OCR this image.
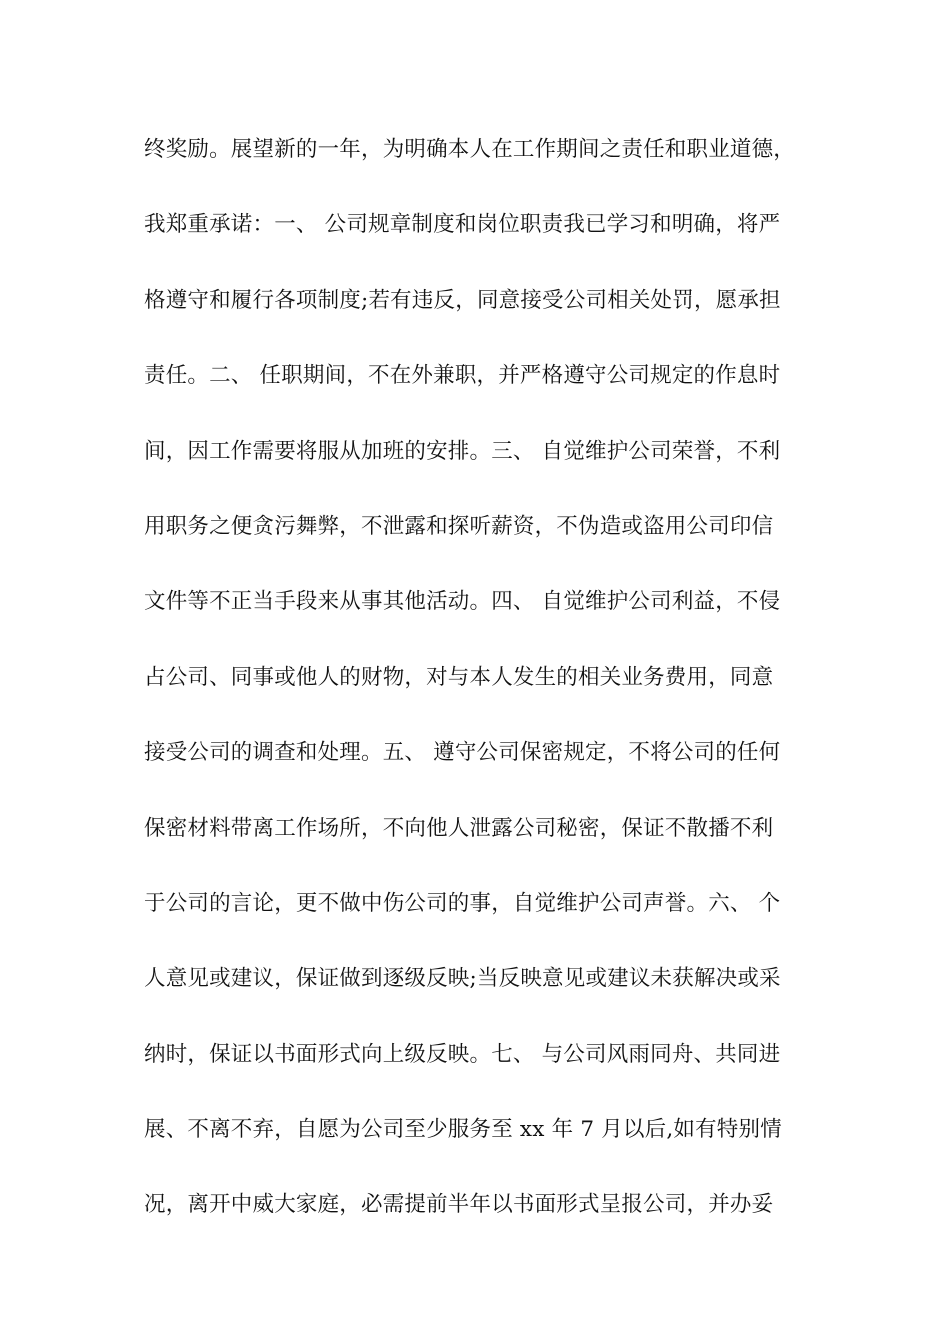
终奖励。展望新的一年，为明确本人在工作期间之责任和职业道德，
我郑重承诺：一、 公司规章制度和岗位职责我已学习和明确，将严
格遵守和履行各项制度;若有违反，同意接受公司相关处罚，愿承担
责任。二、 任职期间，不在外兼职，并严格遵守公司规定的作息时
间，因工作需要将服从加班的安排。三、 自觉维护公司荣誉，不利
用职务之便贪污舞弊，不泄露和探听薪资，不伪造或盗用公司印信
文件等不正当手段来从事其他活动。四、 自觉维护公司利益，不侵
占公司、同事或他人的财物，对与本人发生的相关业务费用，同意
接受公司的调查和处理。五、 遵守公司保密规定，不将公司的任何
保密材料带离工作场所，不向他人泄露公司秘密，保证不散播不利
于公司的言论，更不做中伤公司的事，自觉维护公司声誉。六、 个
人意见或建议，保证做到逐级反映;当反映意见或建议未获解决或采
纳时，保证以书面形式向上级反映。七、 与公司风雨同舟、共同进
展、不离不弃，自愿为公司至少服务至 xx 年 7 月以后,如有特别情
况，离开中威大家庭，必需提前半年以书面形式呈报公司，并办妥
